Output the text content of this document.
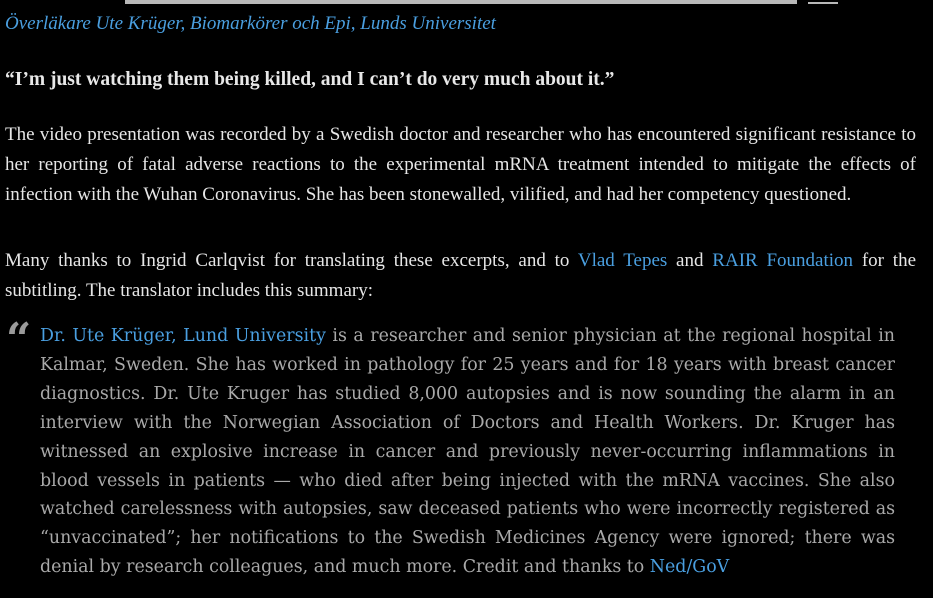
Överläkare Ute Krüger, Biomarkörer och Epi, Lunds Universitet

“I’m just watching them being killed, and I can’t do very much about it.”

The video presentation was recorded by a Swedish doctor and researcher who has encountered significant resistance to her reporting of fatal adverse reactions to the experimental mRNA treatment intended to mitigate the effects of infection with the Wuhan Coronavirus. She has been stonewalled, vilified, and had her competency questioned.

Many thanks to Ingrid Carlqvist for translating these excerpts, and to Vlad Tepes and RAIR Foundation for the subtitling. The translator includes this summary:

“ Dr. Ute Krüger, Lund University is a researcher and senior physician at the regional hospital in Kalmar, Sweden. She has worked in pathology for 25 years and for 18 years with breast cancer diagnostics. Dr. Ute Kruger has studied 8,000 autopsies and is now sounding the alarm in an interview with the Norwegian Association of Doctors and Health Workers. Dr. Kruger has witnessed an explosive increase in cancer and previously never-occurring inflammations in blood vessels in patients — who died after being injected with the mRNA vaccines. She also watched carelessness with autopsies, saw deceased patients who were incorrectly registered as “unvaccinated”; her notifications to the Swedish Medicines Agency were ignored; there was denial by research colleagues, and much more. Credit and thanks to Ned/GoV
